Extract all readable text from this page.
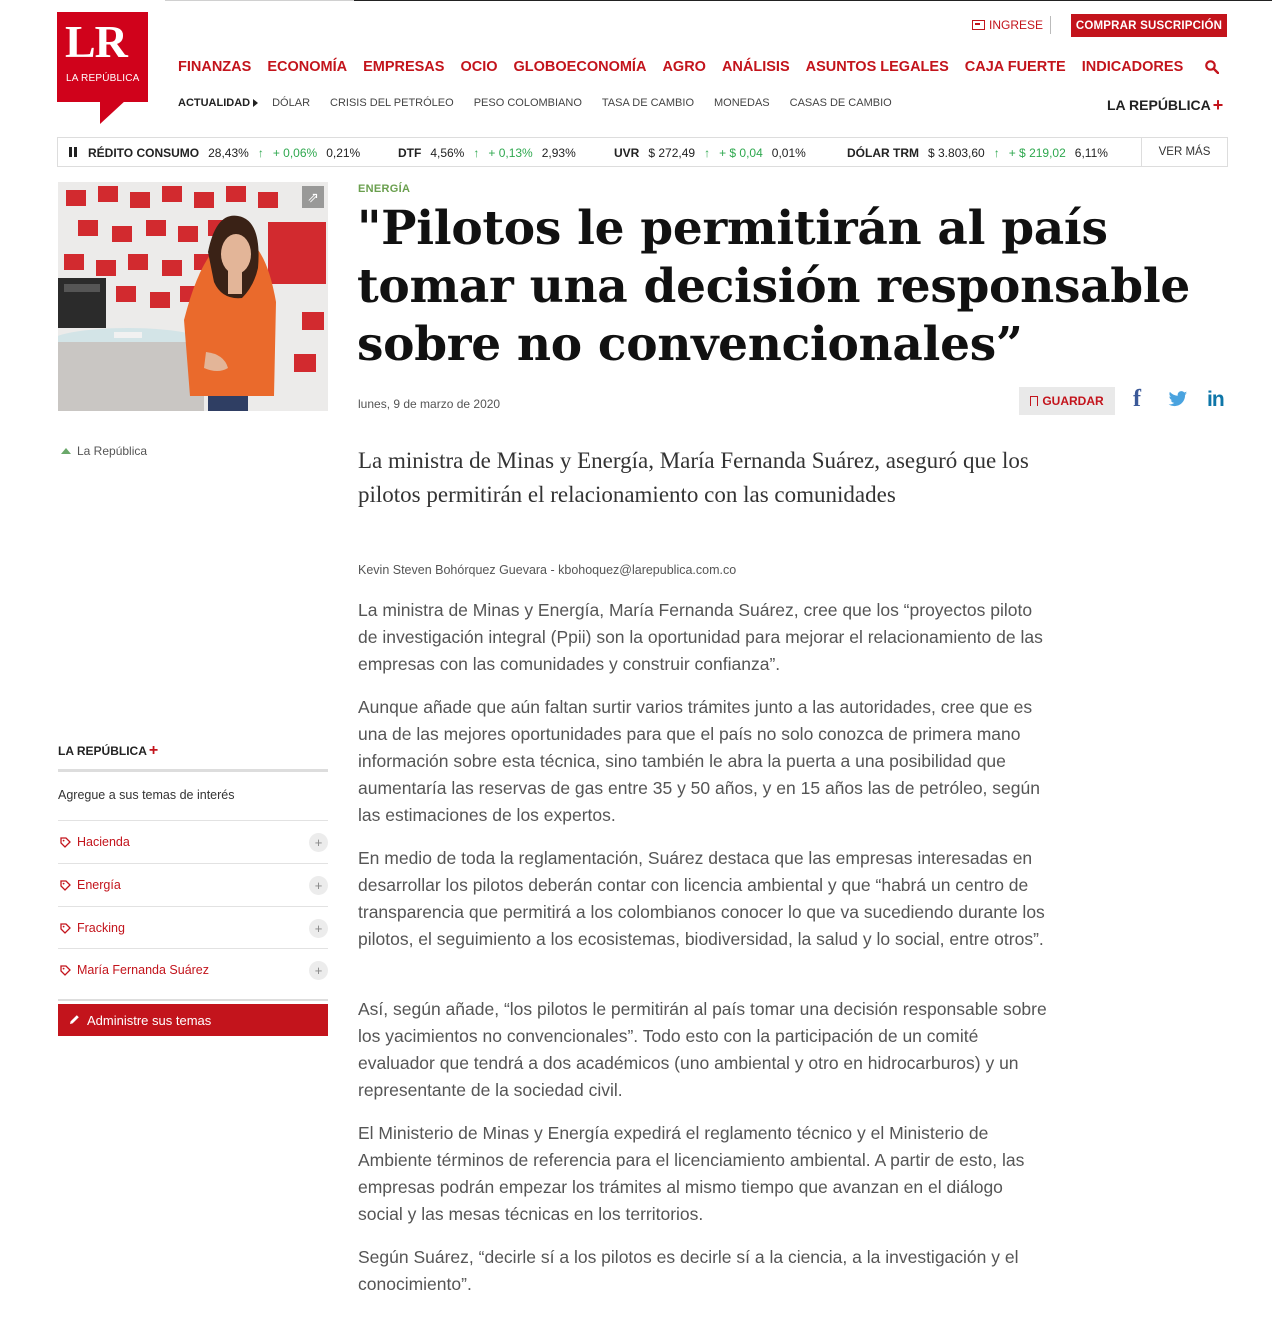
LR
LA REPÚBLICA
INGRESE	COMPRAR SUSCRIPCIÓN
FINANZAS ECONOMÍA EMPRESAS OCIO GLOBOECONOMÍA AGRO ANÁLISIS ASUNTOS LEGALES CAJA FUERTE INDICADORES
ACTUALIDAD DÓLAR CRISIS DEL PETRÓLEO PESO COLOMBIANO TASA DE CAMBIO MONEDAS CASAS DE CAMBIO	LA REPÚBLICA +
RÉDITO CONSUMO 28,43% ↑ + 0,06% 0,21%	DTF 4,56% ↑ + 0,13% 2,93%	UVR $ 272,49 ↑ + $ 0,04 0,01%	DÓLAR TRM $ 3.803,60 ↑ + $ 219,02 6,11%	VER MÁS
⇗
La República
LA REPÚBLICA +
Agregue a sus temas de interés
Hacienda	+
Energía	+
Fracking	+
María Fernanda Suárez	+
Administre sus temas
ENERGÍA
"Pilotos le permitirán al país tomar una decisión responsable sobre no convencionales”
lunes, 9 de marzo de 2020	GUARDAR f	in
La ministra de Minas y Energía, María Fernanda Suárez, aseguró que los pilotos permitirán el relacionamiento con las comunidades
Kevin Steven Bohórquez Guevara - kbohoquez@larepublica.com.co

La ministra de Minas y Energía, María Fernanda Suárez, cree que los “proyectos piloto de investigación integral (Ppii) son la oportunidad para mejorar el relacionamiento de las empresas con las comunidades y construir confianza”.

Aunque añade que aún faltan surtir varios trámites junto a las autoridades, cree que es una de las mejores oportunidades para que el país no solo conozca de primera mano información sobre esta técnica, sino también le abra la puerta a una posibilidad que aumentaría las reservas de gas entre 35 y 50 años, y en 15 años las de petróleo, según las estimaciones de los expertos.

En medio de toda la reglamentación, Suárez destaca que las empresas interesadas en desarrollar los pilotos deberán contar con licencia ambiental y que “habrá un centro de transparencia que permitirá a los colombianos conocer lo que va sucediendo durante los pilotos, el seguimiento a los ecosistemas, biodiversidad, la salud y lo social, entre otros”.

Así, según añade, “los pilotos le permitirán al país tomar una decisión responsable sobre los yacimientos no convencionales”. Todo esto con la participación de un comité evaluador que tendrá a dos académicos (uno ambiental y otro en hidrocarburos) y un representante de la sociedad civil.

El Ministerio de Minas y Energía expedirá el reglamento técnico y el Ministerio de Ambiente términos de referencia para el licenciamiento ambiental. A partir de esto, las empresas podrán empezar los trámites al mismo tiempo que avanzan en el diálogo social y las mesas técnicas en los territorios.

Según Suárez, “decirle sí a los pilotos es decirle sí a la ciencia, a la investigación y el conocimiento”.
